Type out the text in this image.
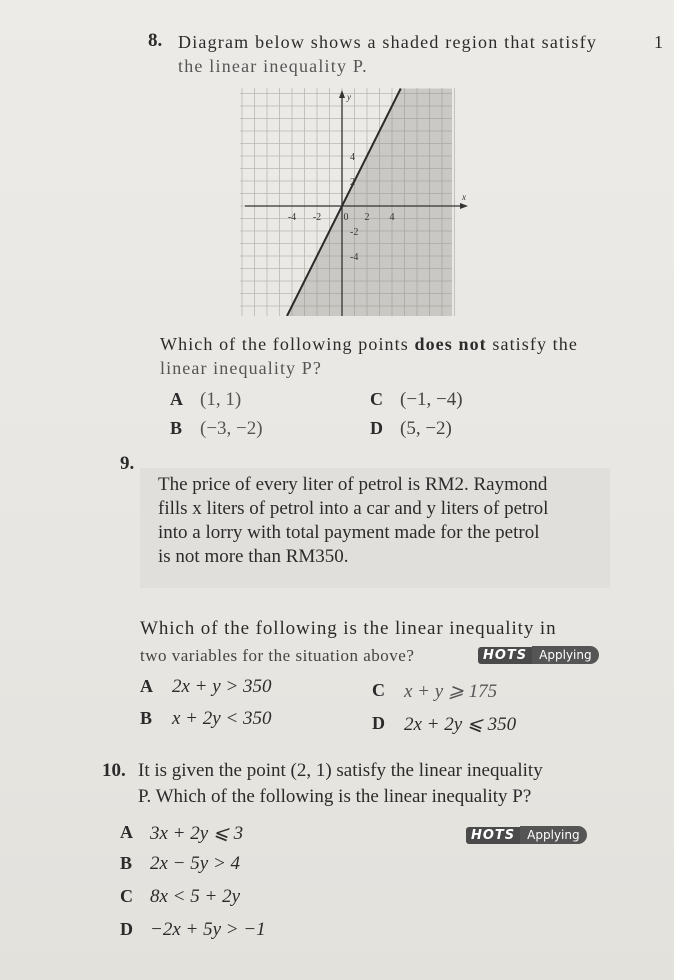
8. Diagram below shows a shaded region that satisfy	1
the linear inequality P.
-4 -2 0 2 4
4
2
-2
-4
x
y
Which of the following points does not satisfy the
linear inequality P?
A (1, 1)
B (−3, −2)
C (−1, −4)
D (5, −2)
9.
The price of every liter of petrol is RM2. Raymond
fills x liters of petrol into a car and y liters of petrol
into a lorry with total payment made for the petrol
is not more than RM350.
Which of the following is the linear inequality in
two variables for the situation above?	HOTS	Applying
A 2x + y > 350
B x + 2y < 350
C x + y ⩾ 175
D 2x + 2y ⩽ 350
10. It is given the point (2, 1) satisfy the linear inequality
P. Which of the following is the linear inequality P?
HOTS	Applying
A 3x + 2y ⩽ 3
B 2x − 5y > 4
C 8x < 5 + 2y
D −2x + 5y > −1
